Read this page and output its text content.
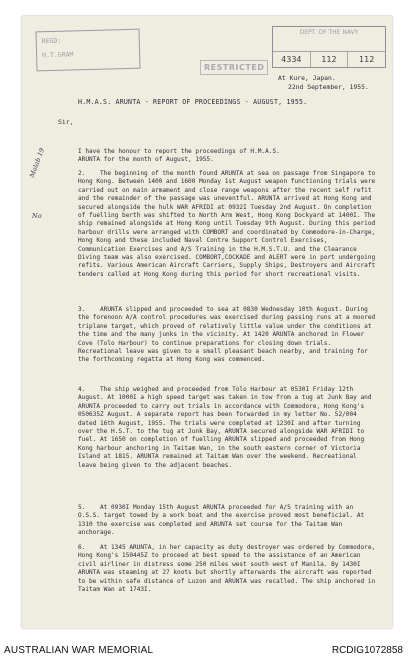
REGD:
H.T.GRAM
RESTRICTED
DEPT. OF THE NAVY
4334	112	112
At Kure, Japan.
22nd September, 1955.
H.M.A.S. ARUNTA - REPORT OF PROCEEDINGS - AUGUST, 1955.
Sir,
I have the honour to report the proceedings of H.M.A.S.
ARUNTA for the month of August, 1955.
2. The beginning of the month found ARUNTA at sea on passage from Singapore to Hong Kong. Between 1400 and 1600 Monday 1st August weapon functioning trials were carried out on main armament and close range weapons after the recent self refit and the remainder of the passage was uneventful. ARUNTA arrived at Hong Kong and secured alongside the hulk WAR AFRIDI at 0932I Tuesday 2nd August. On completion of fuelling berth was shifted to North Arm West, Hong Kong Dockyard at 1400I. The ship remained alongside at Hong Kong until Tuesday 9th August. During this period harbour drills were arranged with COMBORT and coordinated by Commodore-in-Charge, Hong Kong and these included Naval Contre Support Control Exercises, Communication Exercises and A/S Training in the H.M.S.T.U. and the Clearance Diving team was also exercised. COMBORT,COCKADE and ALERT were in port undergoing refits. Various American Aircraft Carriers, Supply Ships, Destroyers and Aircraft tenders called at Hong Kong during this period for short recreational visits.
3. ARUNTA slipped and proceeded to sea at 0830 Wednesday 10th August. During the forenoon A/A control procedures was exercised during passing runs at a moored triplane target, which proved of relatively little value under the conditions at the time and the many junks in the vicinity. At 1420 ARUNTA anchored in Flower Cove (Tolo Harbour) to continue preparations for closing down trials. Recreational leave was given to a small pleasant beach nearby, and training for the forthcoming regatta at Hong Kong was commenced.
4. The ship weighed and proceeded from Tolo Harbour at 0530I Friday 12th August. At 1000I a high speed target was taken in tow from a tug at Junk Bay and ARUNTA proceeded to carry out trials in accordance with Commodore, Hong Kong's 050635Z August. A separate report has been forwarded in my letter No. 52/004 dated 16th August, 1955. The trials were completed at 1230I and after turning over the H.S.T. to the tug at Junk Bay, ARUNTA secured alongside WAR AFRIDI to fuel. At 1650 on completion of fuelling ARUNTA slipped and proceeded from Hong Kong harbour anchoring in Taitam Wan, in the south eastern corner of Victoria Island at 1815. ARUNTA remained at Taitam Wan over the weekend. Recreational leave being given to the adjacent beaches.
5. At 0930I Monday 15th August ARUNTA proceeded for A/S training with an O.S.S. target towed by a work boat and the exercise proved most beneficial. At 1310 the exercise was completed and ARUNTA set course for the Taitam Wan anchorage.
6. At 1345 ARUNTA, in her capacity as duty destroyer was ordered by Commodore, Hong Kong's 150445Z to proceed at best speed to the assistance of an American civil airliner in distress some 250 miles west south west of Manila. By 1430I ARUNTA was steaming at 27 knots but shortly afterwards the aircraft was reported to be within safe distance of Luzon and ARUNTA was recalled. The ship anchored in Taitam Wan at 1743I.
Malab 19
No
AUSTRALIAN WAR MEMORIAL	RCDIG1072858
